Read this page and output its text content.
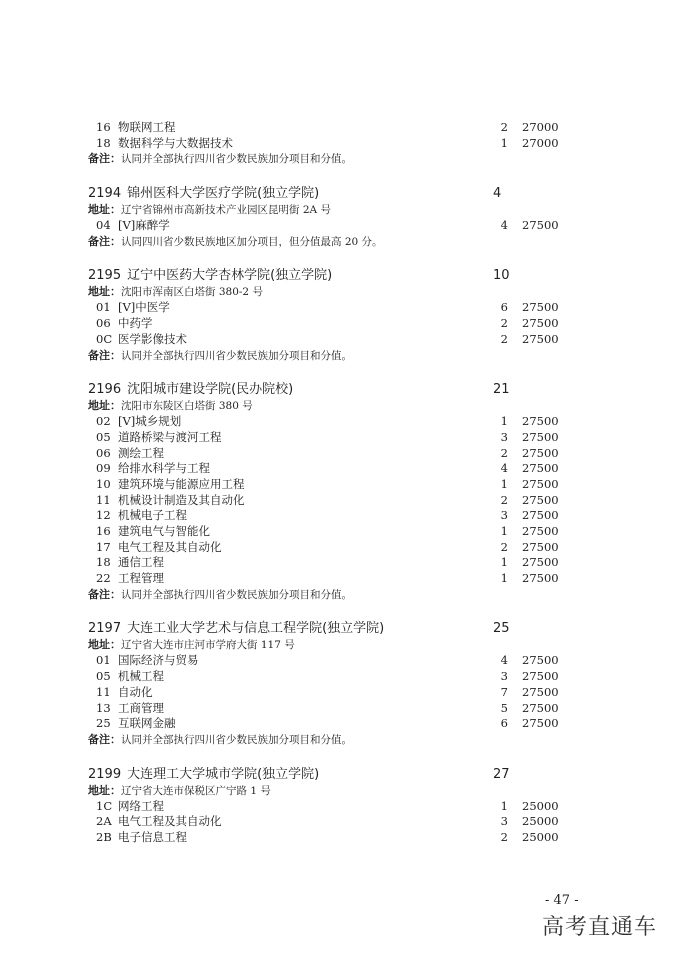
16 物联网工程	2 27000
18 数据科学与大数据技术	1 27000
备注：认同并全部执行四川省少数民族加分项目和分值。
2194 锦州医科大学医疗学院(独立学院)	4
地址：辽宁省锦州市高新技术产业园区昆明街 2A 号
04 [V]麻醉学	4 27500
备注：认同四川省少数民族地区加分项目，但分值最高 20 分。
2195 辽宁中医药大学杏林学院(独立学院)	10
地址：沈阳市浑南区白塔街 380-2 号
01 [V]中医学	6 27500
06 中药学	2 27500
0C 医学影像技术	2 27500
备注：认同并全部执行四川省少数民族加分项目和分值。
2196 沈阳城市建设学院(民办院校)	21
地址：沈阳市东陵区白塔街 380 号
02 [V]城乡规划	1 27500
05 道路桥梁与渡河工程	3 27500
06 测绘工程	2 27500
09 给排水科学与工程	4 27500
10 建筑环境与能源应用工程	1 27500
11 机械设计制造及其自动化	2 27500
12 机械电子工程	3 27500
16 建筑电气与智能化	1 27500
17 电气工程及其自动化	2 27500
18 通信工程	1 27500
22 工程管理	1 27500
备注：认同并全部执行四川省少数民族加分项目和分值。
2197 大连工业大学艺术与信息工程学院(独立学院)	25
地址：辽宁省大连市庄河市学府大街 117 号
01 国际经济与贸易	4 27500
05 机械工程	3 27500
11 自动化	7 27500
13 工商管理	5 27500
25 互联网金融	6 27500
备注：认同并全部执行四川省少数民族加分项目和分值。
2199 大连理工大学城市学院(独立学院)	27
地址：辽宁省大连市保税区广宁路 1 号
1C 网络工程	1 25000
2A 电气工程及其自动化	3 25000
2B 电子信息工程	2 25000
- 47 -
高考直通车
